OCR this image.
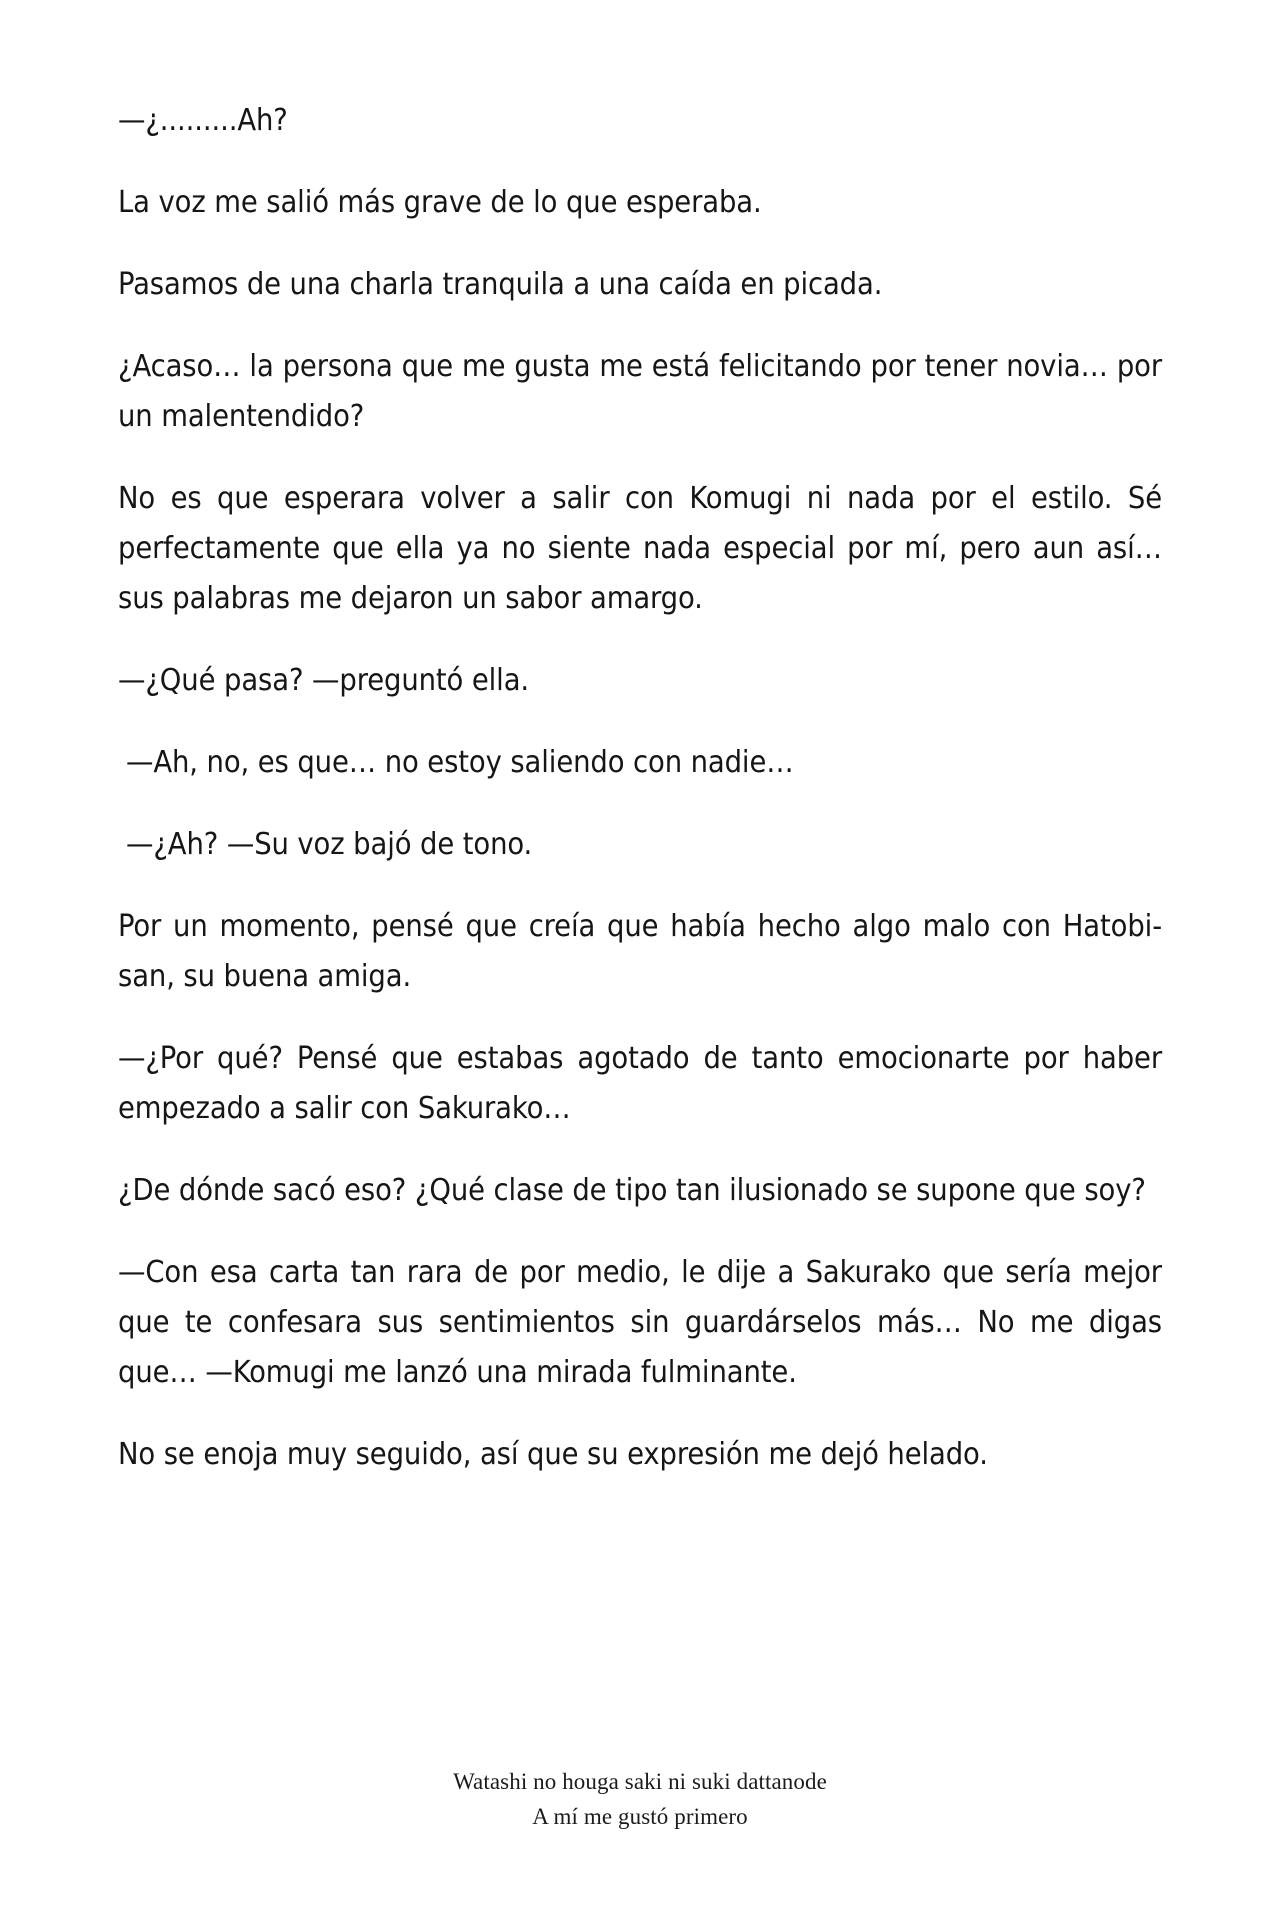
—¿.........Ah?

La voz me salió más grave de lo que esperaba.

Pasamos de una charla tranquila a una caída en picada.

¿Acaso… la persona que me gusta me está felicitando por tener novia… por un malentendido?

No es que esperara volver a salir con Komugi ni nada por el estilo. Sé perfectamente que ella ya no siente nada especial por mí, pero aun así… sus palabras me dejaron un sabor amargo.

—¿Qué pasa? —preguntó ella.

—Ah, no, es que… no estoy saliendo con nadie…

—¿Ah? —Su voz bajó de tono.

Por un momento, pensé que creía que había hecho algo malo con Hatobi-san, su buena amiga.

—¿Por qué? Pensé que estabas agotado de tanto emocionarte por haber empezado a salir con Sakurako…

¿De dónde sacó eso? ¿Qué clase de tipo tan ilusionado se supone que soy?

—Con esa carta tan rara de por medio, le dije a Sakurako que sería mejor que te confesara sus sentimientos sin guardárselos más… No me digas que… —Komugi me lanzó una mirada fulminante.

No se enoja muy seguido, así que su expresión me dejó helado.

Watashi no houga saki ni suki dattanode
A mí me gustó primero
